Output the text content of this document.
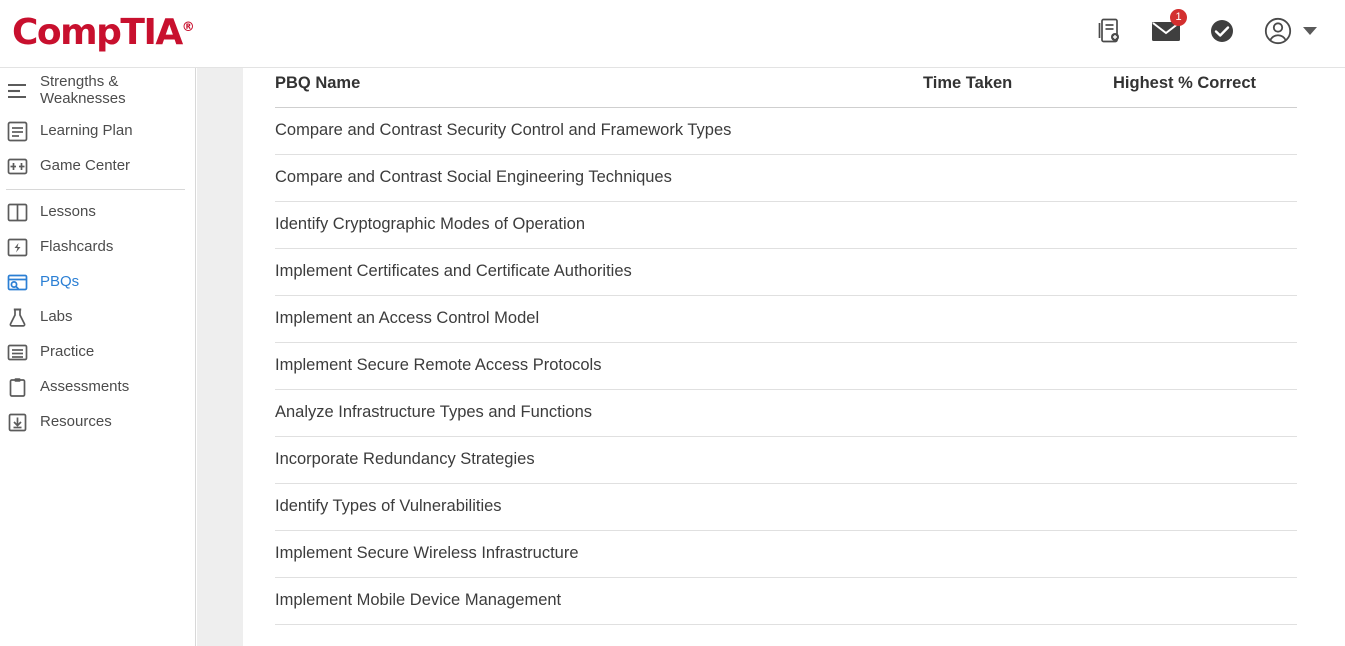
CompTIA®
1
Strengths & Weaknesses
Learning Plan
Game Center
Lessons
Flashcards
PBQs
Labs
Practice
Assessments
Resources
PBQ Name	Time Taken	Highest % Correct
Compare and Contrast Security Control and Framework Types		
Compare and Contrast Social Engineering Techniques		
Identify Cryptographic Modes of Operation		
Implement Certificates and Certificate Authorities		
Implement an Access Control Model		
Implement Secure Remote Access Protocols		
Analyze Infrastructure Types and Functions		
Incorporate Redundancy Strategies		
Identify Types of Vulnerabilities		
Implement Secure Wireless Infrastructure		
Implement Mobile Device Management		
